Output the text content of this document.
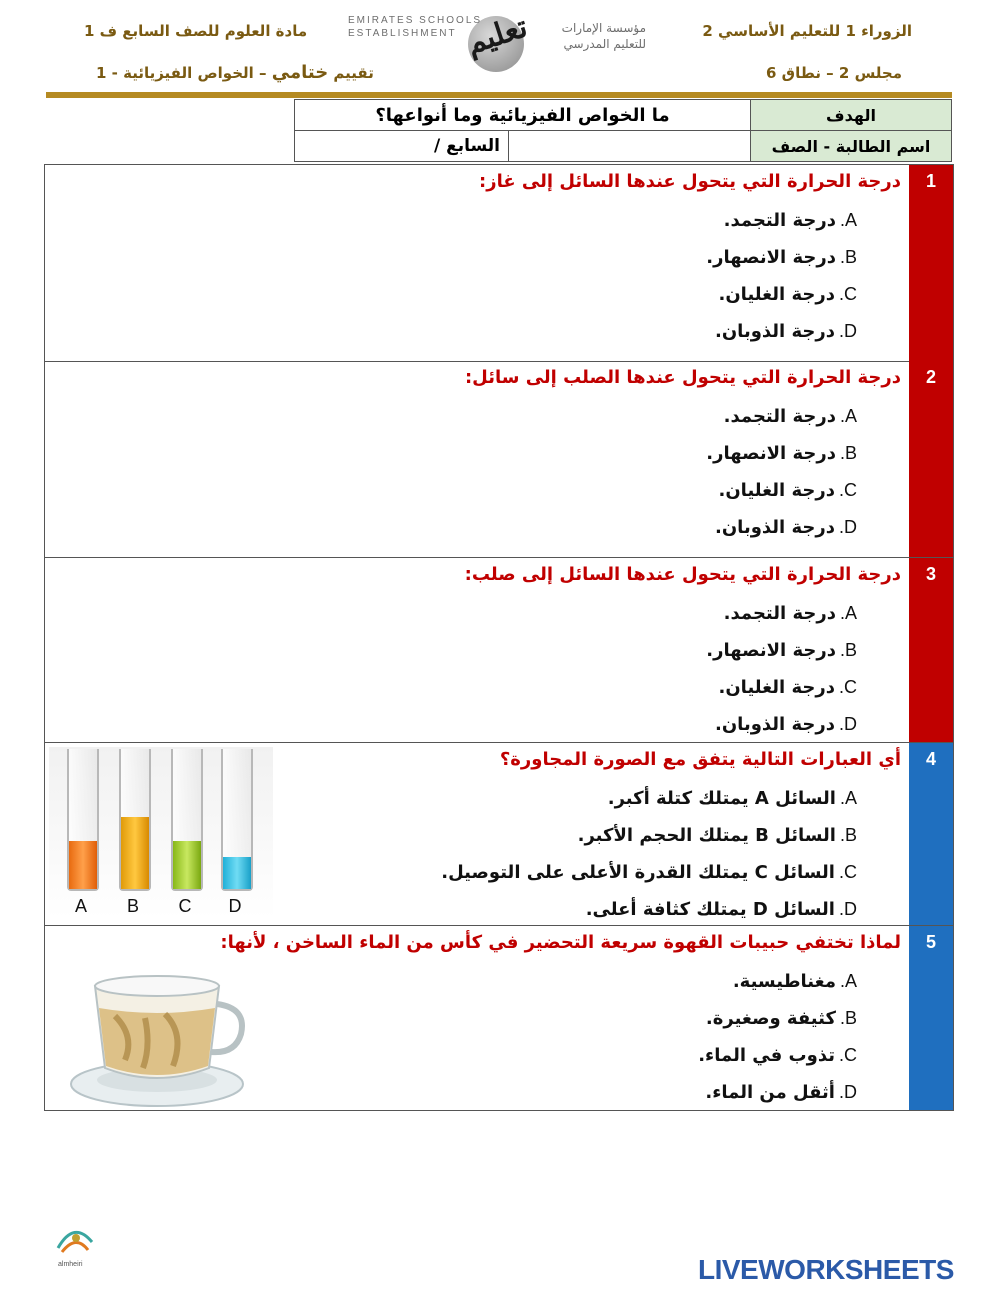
الزوراء 1 للتعليم الأساسي 2
مجلس 2 – نطاق 6
مادة العلوم للصف السابع ف 1
تقييم ختامي – الخواص الفيزيائية - 1
مؤسسة الإمارات
للتعليم المدرسي
تعليم
EMIRATES SCHOOLS
ESTABLISHMENT
الهدف	ما الخواص الفيزيائية وما أنواعها؟	
اسم الطالبة - الصف		السابع /
1
درجة الحرارة التي يتحول عندها السائل إلى غاز:
A.درجة التجمد.
B.درجة الانصهار.
C.درجة الغليان.
D.درجة الذوبان.
2
درجة الحرارة التي يتحول عندها الصلب إلى سائل:
A.درجة التجمد.
B.درجة الانصهار.
C.درجة الغليان.
D.درجة الذوبان.
3
درجة الحرارة التي يتحول عندها السائل إلى صلب:
A.درجة التجمد.
B.درجة الانصهار.
C.درجة الغليان.
D.درجة الذوبان.
4
أي العبارات التالية يتفق مع الصورة المجاورة؟
A.السائل A يمتلك كتلة أكبر.
B.السائل B يمتلك الحجم الأكبر.
C.السائل C يمتلك القدرة الأعلى على التوصيل.
D.السائل D يمتلك كثافة أعلى.
A	B	C	D
5
لماذا تختفي حبيبات القهوة سريعة التحضير في كأس من الماء الساخن ، لأنها:
A.مغناطيسية.
B.كثيفة وصغيرة.
C.تذوب في الماء.
D.أثقل من الماء.
almheiri	LIVEWORKSHEETS
